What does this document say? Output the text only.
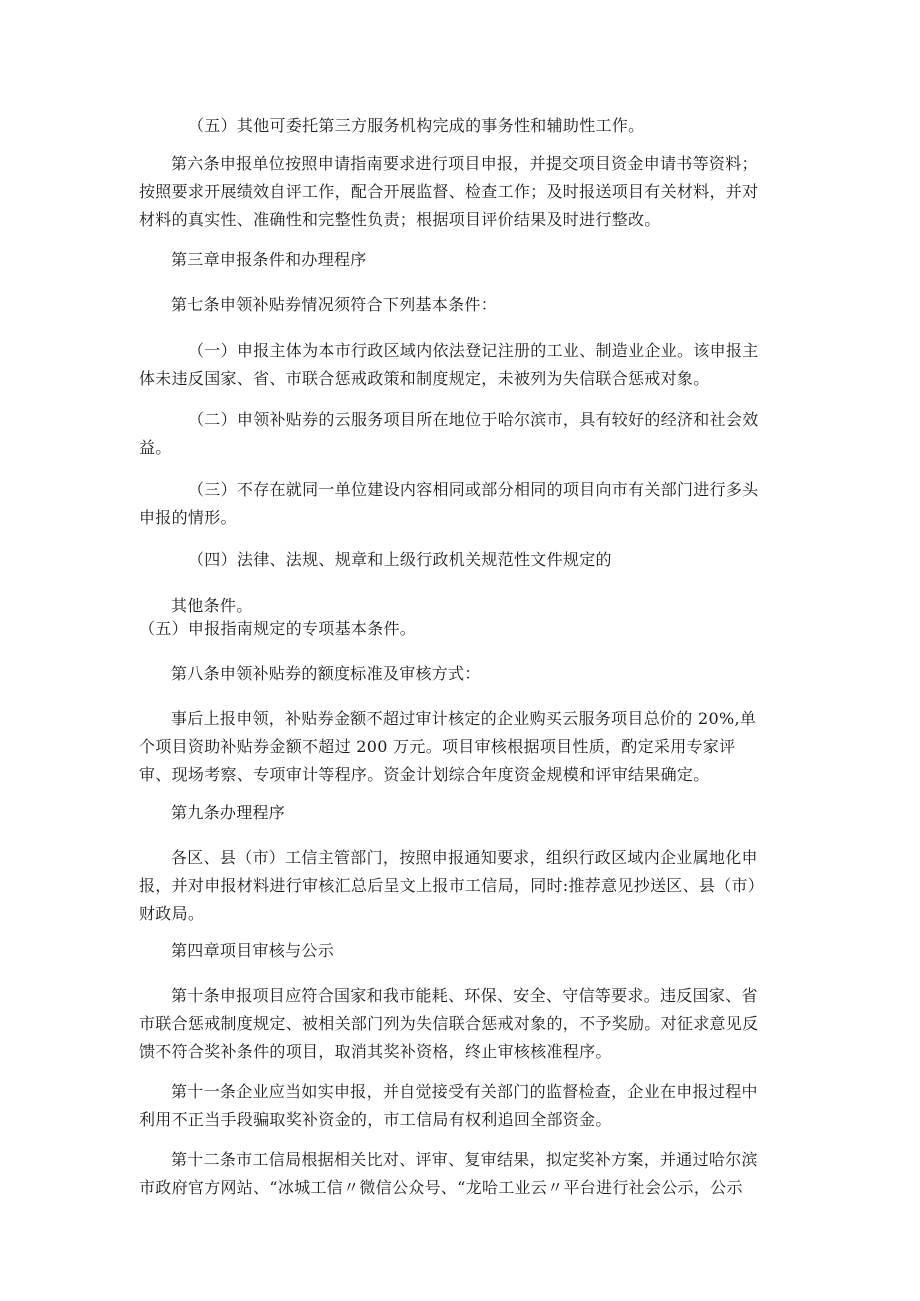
（五）其他可委托第三方服务机构完成的事务性和辅助性工作。
第六条申报单位按照申请指南要求进行项目申报，并提交项目资金申请书等资料；
按照要求开展绩效自评工作，配合开展监督、检查工作；及时报送项目有关材料，并对
材料的真实性、准确性和完整性负责；根据项目评价结果及时进行整改。
第三章申报条件和办理程序
第七条申领补贴券情况须符合下列基本条件：
（一）申报主体为本市行政区域内依法登记注册的工业、制造业企业。该申报主
体未违反国家、省、市联合惩戒政策和制度规定，未被列为失信联合惩戒对象。
（二）申领补贴券的云服务项目所在地位于哈尔滨市，具有较好的经济和社会效
益。
（三）不存在就同一单位建设内容相同或部分相同的项目向市有关部门进行多头
申报的情形。
（四）法律、法规、规章和上级行政机关规范性文件规定的
其他条件。
（五）申报指南规定的专项基本条件。
第八条申领补贴券的额度标准及审核方式：
事后上报申领，补贴券金额不超过审计核定的企业购买云服务项目总价的 20%,单
个项目资助补贴券金额不超过 200 万元。项目审核根据项目性质，酌定采用专家评
审、现场考察、专项审计等程序。资金计划综合年度资金规模和评审结果确定。
第九条办理程序
各区、县（市）工信主管部门，按照申报通知要求，组织行政区域内企业属地化申
报，并对申报材料进行审核汇总后呈文上报市工信局，同时:推荐意见抄送区、县（市）
财政局。
第四章项目审核与公示
第十条申报项目应符合国家和我市能耗、环保、安全、守信等要求。违反国家、省
市联合惩戒制度规定、被相关部门列为失信联合惩戒对象的，不予奖励。对征求意见反
馈不符合奖补条件的项目，取消其奖补资格，终止审核核准程序。
第十一条企业应当如实申报，并自觉接受有关部门的监督检查，企业在申报过程中
利用不正当手段骗取奖补资金的，市工信局有权利追回全部资金。
第十二条市工信局根据相关比对、评审、复审结果，拟定奖补方案，并通过哈尔滨
市政府官方网站、“冰城工信〃微信公众号、“龙哈工业云〃平台进行社会公示，公示
